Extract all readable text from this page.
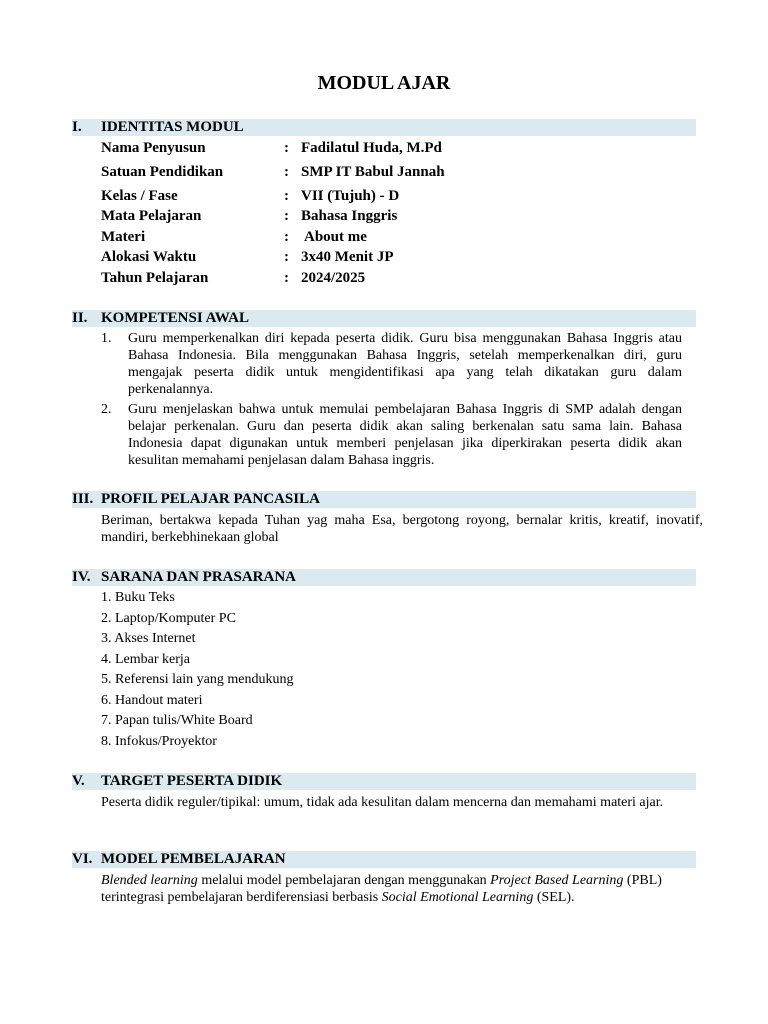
MODUL AJAR
I. IDENTITAS MODUL
Nama Penyusun	: Fadilatul Huda, M.Pd
Satuan Pendidikan	: SMP IT Babul Jannah
Kelas / Fase	: VII (Tujuh) - D
Mata Pelajaran	: Bahasa Inggris
Materi	: About me
Alokasi Waktu	: 3x40 Menit JP
Tahun Pelajaran	: 2024/2025
II. KOMPETENSI AWAL
1. Guru memperkenalkan diri kepada peserta didik. Guru bisa menggunakan Bahasa Inggris atau Bahasa Indonesia. Bila menggunakan Bahasa Inggris, setelah memperkenalkan diri, guru mengajak peserta didik untuk mengidentifikasi apa yang telah dikatakan guru dalam perkenalannya.
2. Guru menjelaskan bahwa untuk memulai pembelajaran Bahasa Inggris di SMP adalah dengan belajar perkenalan. Guru dan peserta didik akan saling berkenalan satu sama lain. Bahasa Indonesia dapat digunakan untuk memberi penjelasan jika diperkirakan peserta didik akan kesulitan memahami penjelasan dalam Bahasa inggris.
III. PROFIL PELAJAR PANCASILA
Beriman, bertakwa kepada Tuhan yag maha Esa, bergotong royong, bernalar kritis, kreatif, inovatif, mandiri, berkebhinekaan global
IV. SARANA DAN PRASARANA
1. Buku Teks
2. Laptop/Komputer PC
3. Akses Internet
4. Lembar kerja
5. Referensi lain yang mendukung
6. Handout materi
7. Papan tulis/White Board
8. Infokus/Proyektor
V. TARGET PESERTA DIDIK
Peserta didik reguler/tipikal: umum, tidak ada kesulitan dalam mencerna dan memahami materi ajar.
VI. MODEL PEMBELAJARAN
Blended learning melalui model pembelajaran dengan menggunakan Project Based Learning (PBL) terintegrasi pembelajaran berdiferensiasi berbasis Social Emotional Learning (SEL).
